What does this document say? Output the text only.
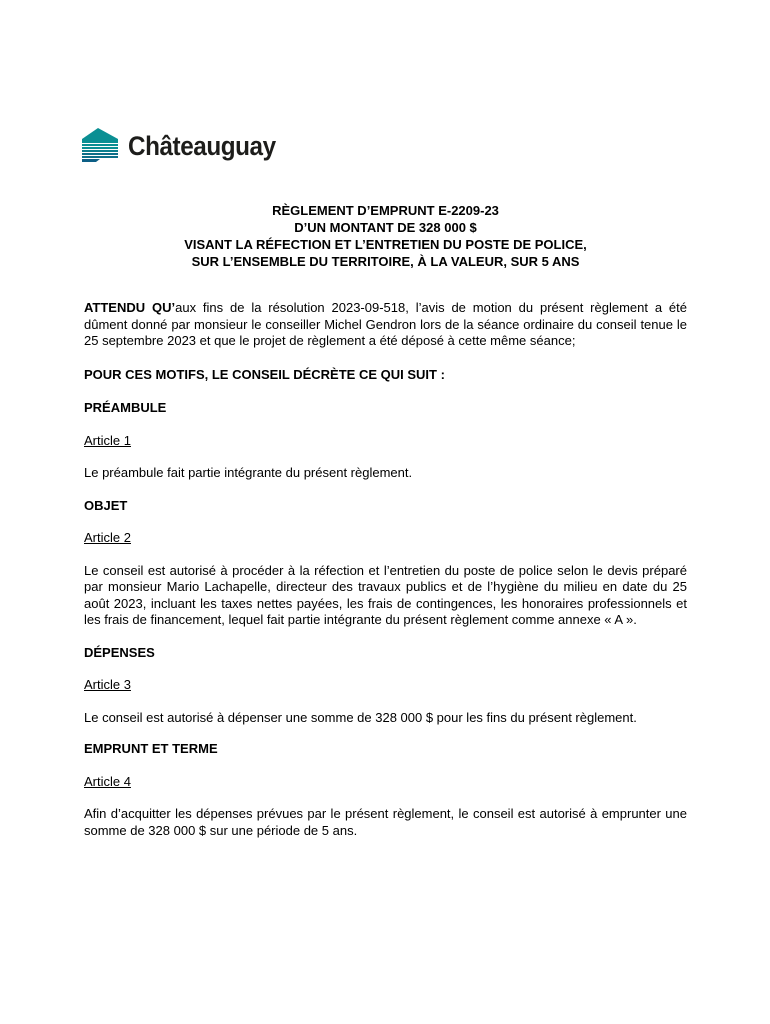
Châteauguay
RÈGLEMENT D’EMPRUNT E-2209-23
D’UN MONTANT DE 328 000 $
VISANT LA RÉFECTION ET L’ENTRETIEN DU POSTE DE POLICE,
SUR L’ENSEMBLE DU TERRITOIRE, À LA VALEUR, SUR 5 ANS

ATTENDU QU’aux fins de la résolution 2023-09-518, l’avis de motion du présent règlement a été dûment donné par monsieur le conseiller Michel Gendron lors de la séance ordinaire du conseil tenue le 25 septembre 2023 et que le projet de règlement a été déposé à cette même séance;

POUR CES MOTIFS, LE CONSEIL DÉCRÈTE CE QUI SUIT :

PRÉAMBULE

Article 1

Le préambule fait partie intégrante du présent règlement.

OBJET

Article 2

Le conseil est autorisé à procéder à la réfection et l’entretien du poste de police selon le devis préparé par monsieur Mario Lachapelle, directeur des travaux publics et de l’hygiène du milieu en date du 25 août 2023, incluant les taxes nettes payées, les frais de contingences, les honoraires professionnels et les frais de financement, lequel fait partie intégrante du présent règlement comme annexe « A ».

DÉPENSES

Article 3

Le conseil est autorisé à dépenser une somme de 328 000 $ pour les fins du présent règlement.

EMPRUNT ET TERME

Article 4

Afin d’acquitter les dépenses prévues par le présent règlement, le conseil est autorisé à emprunter une somme de 328 000 $ sur une période de 5 ans.
